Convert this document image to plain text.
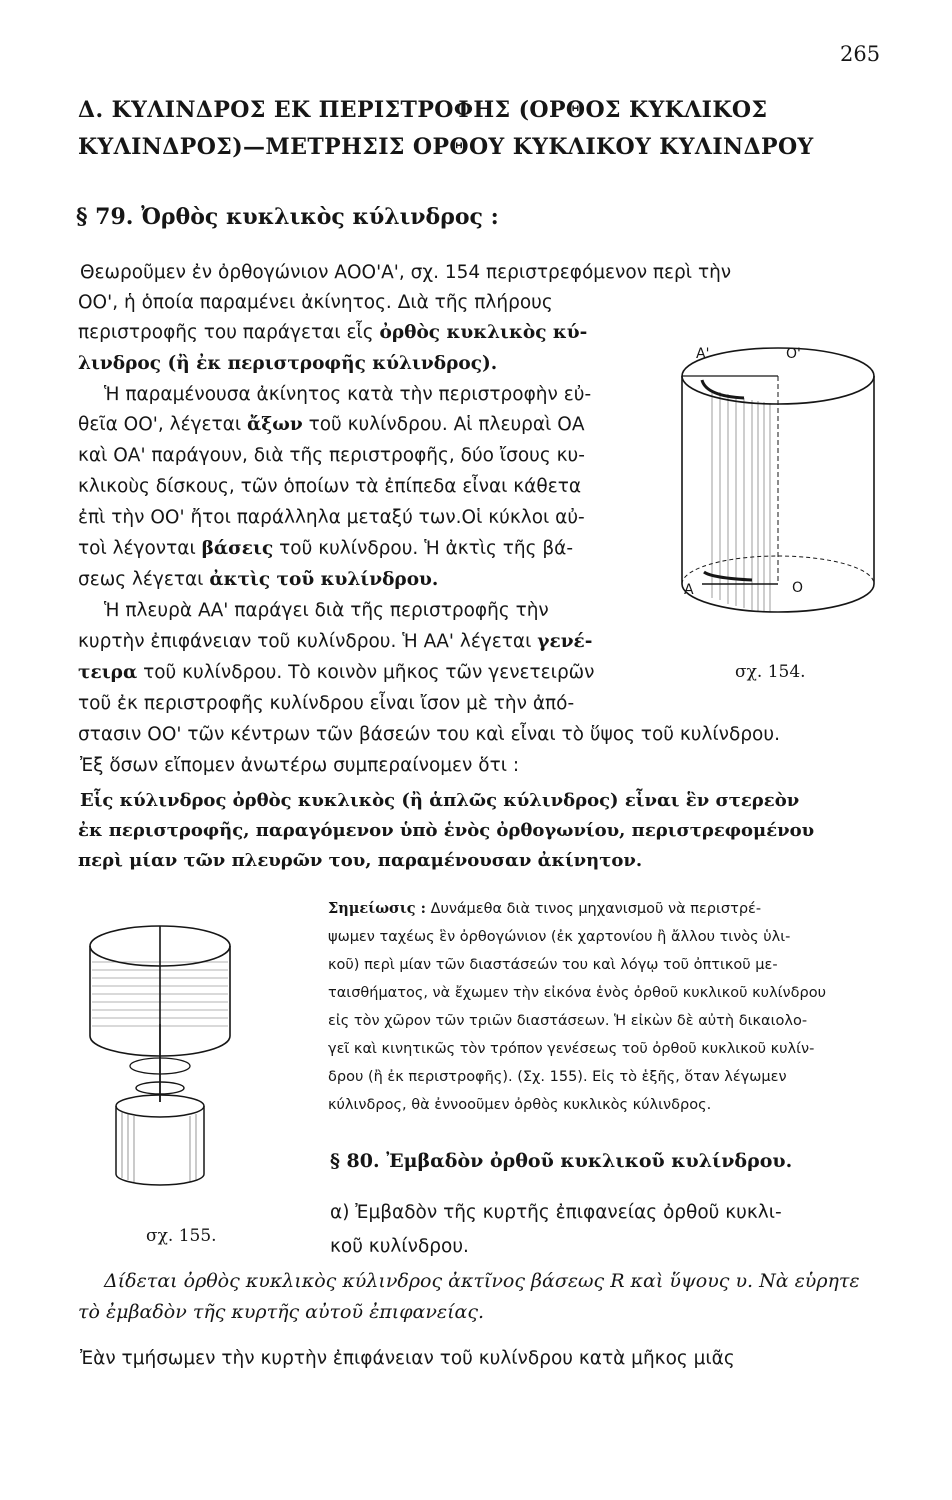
265
Δ. ΚΥΛΙΝΔΡΟΣ ΕΚ ΠΕΡΙΣΤΡΟΦΗΣ (ΟΡΘΟΣ ΚΥΚΛΙΚΟΣ
ΚΥΛΙΝΔΡΟΣ)—ΜΕΤΡΗΣΙΣ ΟΡΘΟΥ ΚΥΚΛΙΚΟΥ ΚΥΛΙΝΔΡΟΥ
§ 79. Ὀρθὸς κυκλικὸς κύλινδρος :
Θεωροῦμεν ἐν ὀρθογώνιον ΑΟΟ'Α', σχ. 154 περιστρεφόμενον περὶ τὴν
ΟΟ', ἡ ὁποία παραμένει ἀκίνητος. Διὰ τῆς πλήρους
περιστροφῆς του παράγεται εἷς ὀρθὸς κυκλικὸς κύ-
λινδρος (ἢ ἐκ περιστροφῆς κύλινδρος).
Ἡ παραμένουσα ἀκίνητος κατὰ τὴν περιστροφὴν εὐ-
θεῖα ΟΟ', λέγεται ἄξων τοῦ κυλίνδρου. Αἱ πλευραὶ ΟΑ
καὶ ΟΑ' παράγουν, διὰ τῆς περιστροφῆς, δύο ἴσους κυ-
κλικοὺς δίσκους, τῶν ὁποίων τὰ ἐπίπεδα εἶναι κάθετα
ἐπὶ τὴν ΟΟ' ἤτοι παράλληλα μεταξύ των.Οἱ κύκλοι αὐ-
τοὶ λέγονται βάσεις τοῦ κυλίνδρου. Ἡ ἀκτὶς τῆς βά-
σεως λέγεται ἀκτὶς τοῦ κυλίνδρου.
Ἡ πλευρὰ ΑΑ' παράγει διὰ τῆς περιστροφῆς τὴν
κυρτὴν ἐπιφάνειαν τοῦ κυλίνδρου. Ἡ ΑΑ' λέγεται γενέ-
τειρα τοῦ κυλίνδρου. Τὸ κοινὸν μῆκος τῶν γενετειρῶν
τοῦ ἐκ περιστροφῆς κυλίνδρου εἶναι ἴσον μὲ τὴν ἀπό-
στασιν ΟΟ' τῶν κέντρων τῶν βάσεών του καὶ εἶναι τὸ ὕψος τοῦ κυλίνδρου.
Ἐξ ὅσων εἴπομεν ἀνωτέρω συμπεραίνομεν ὅτι :
Εἷς κύλινδρος ὀρθὸς κυκλικὸς (ἢ ἁπλῶς κύλινδρος) εἶναι ἓν στερεὸν
ἐκ περιστροφῆς, παραγόμενον ὑπὸ ἑνὸς ὀρθογωνίου, περιστρεφομένου
περὶ μίαν τῶν πλευρῶν του, παραμένουσαν ἀκίνητον.
Σημείωσις : Δυνάμεθα διὰ τινος μηχανισμοῦ νὰ περιστρέ-
ψωμεν ταχέως ἓν ὀρθογώνιον (ἐκ χαρτονίου ἢ ἄλλου τινὸς ὑλι-
κοῦ) περὶ μίαν τῶν διαστάσεών του καὶ λόγῳ τοῦ ὀπτικοῦ με-
ταισθήματος, νὰ ἔχωμεν τὴν εἰκόνα ἑνὸς ὀρθοῦ κυκλικοῦ κυλίνδρου
εἰς τὸν χῶρον τῶν τριῶν διαστάσεων. Ἡ εἰκὼν δὲ αὐτὴ δικαιολο-
γεῖ καὶ κινητικῶς τὸν τρόπον γενέσεως τοῦ ὀρθοῦ κυκλικοῦ κυλίν-
δρου (ἢ ἐκ περιστροφῆς). (Σχ. 155). Εἰς τὸ ἑξῆς, ὅταν λέγωμεν
κύλινδρος, θὰ ἐννοοῦμεν ὀρθὸς κυκλικὸς κύλινδρος.
§ 80. Ἐμβαδὸν ὀρθοῦ κυκλικοῦ κυλίνδρου.
α) Ἐμβαδὸν τῆς κυρτῆς ἐπιφανείας ὀρθοῦ κυκλι-
κοῦ κυλίνδρου.
Δίδεται ὀρθὸς κυκλικὸς κύλινδρος ἀκτῖνος βάσεως R καὶ ὕψους υ. Νὰ εὑρητε
τὸ ἐμβαδὸν τῆς κυρτῆς αὐτοῦ ἐπιφανείας.
Ἐὰν τμήσωμεν τὴν κυρτὴν ἐπιφάνειαν τοῦ κυλίνδρου κατὰ μῆκος μιᾶς
Α'	Ο'
Α	Ο
σχ. 154.
σχ. 155.
